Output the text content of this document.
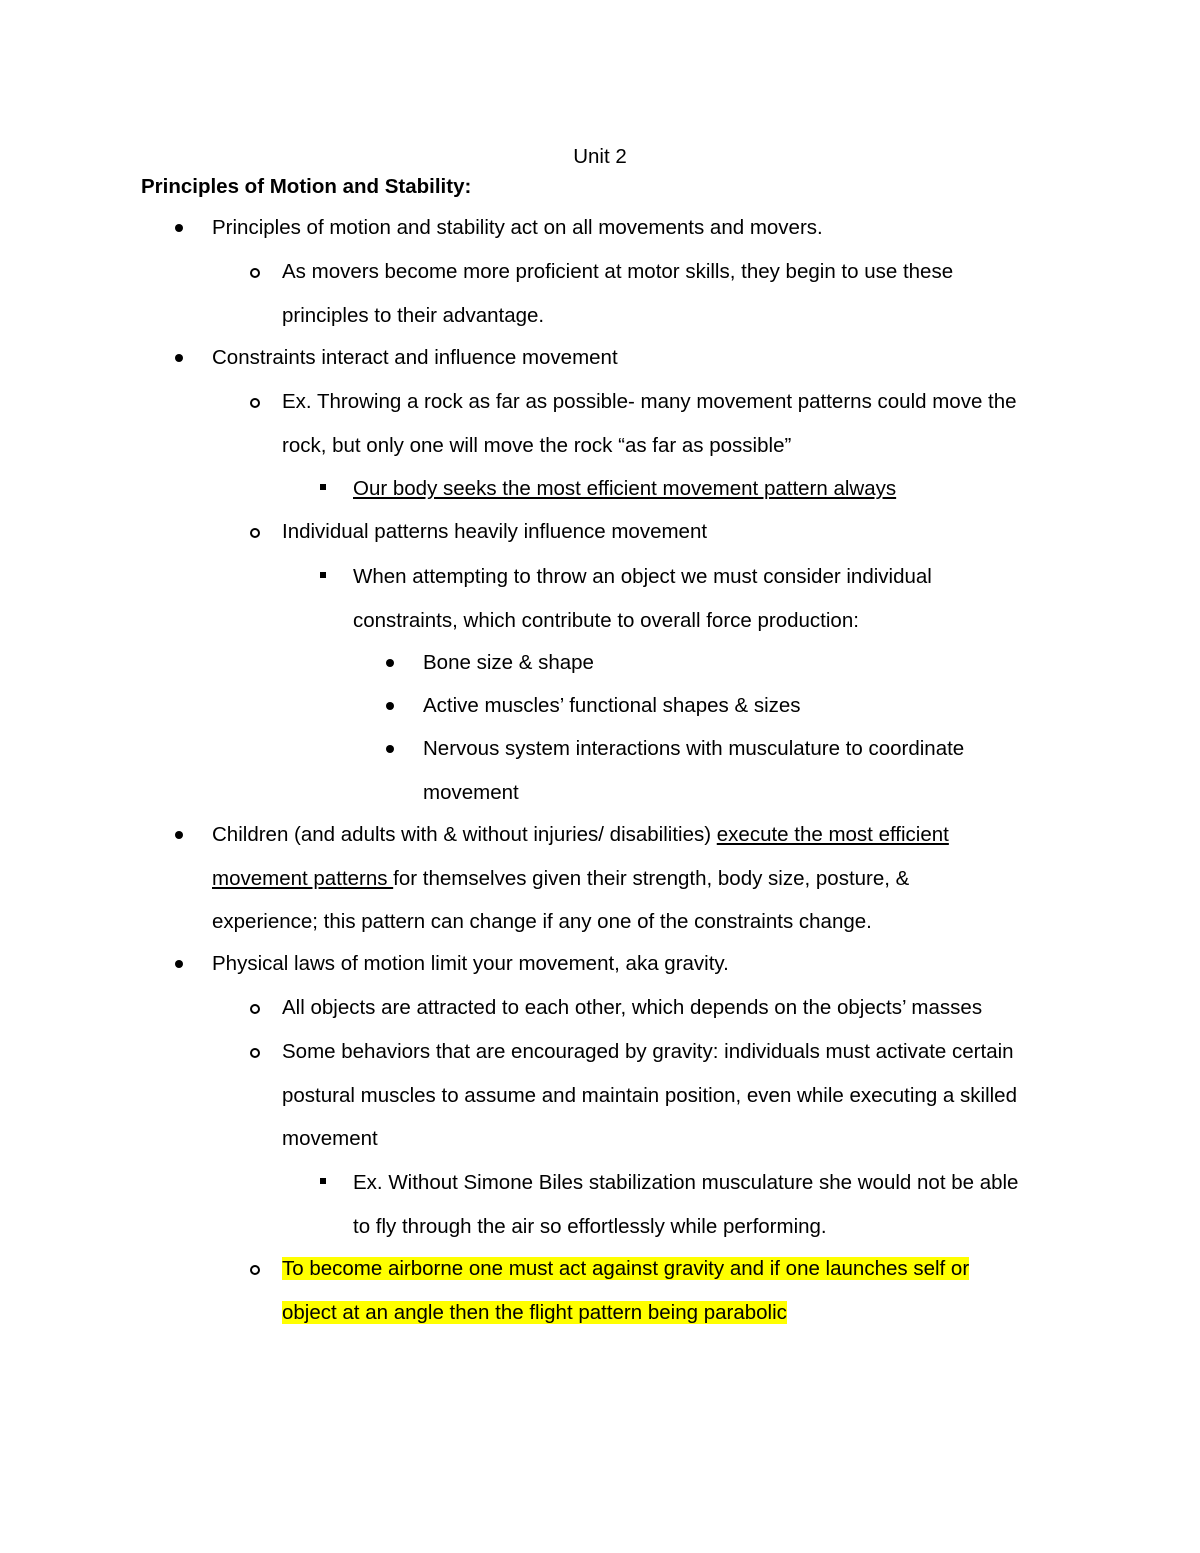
Unit 2
Principles of Motion and Stability:
Principles of motion and stability act on all movements and movers.
As movers become more proficient at motor skills, they begin to use these
principles to their advantage.
Constraints interact and influence movement
Ex. Throwing a rock as far as possible- many movement patterns could move the
rock, but only one will move the rock “as far as possible”
Our body seeks the most efficient movement pattern always
Individual patterns heavily influence movement
When attempting to throw an object we must consider individual
constraints, which contribute to overall force production:
Bone size & shape
Active muscles’ functional shapes & sizes
Nervous system interactions with musculature to coordinate
movement
Children (and adults with & without injuries/ disabilities) execute the most efficient
movement patterns for themselves given their strength, body size, posture, &
experience; this pattern can change if any one of the constraints change.
Physical laws of motion limit your movement, aka gravity.
All objects are attracted to each other, which depends on the objects’ masses
Some behaviors that are encouraged by gravity: individuals must activate certain
postural muscles to assume and maintain position, even while executing a skilled
movement
Ex. Without Simone Biles stabilization musculature she would not be able
to fly through the air so effortlessly while performing.
To become airborne one must act against gravity and if one launches self or
object at an angle then the flight pattern being parabolic
